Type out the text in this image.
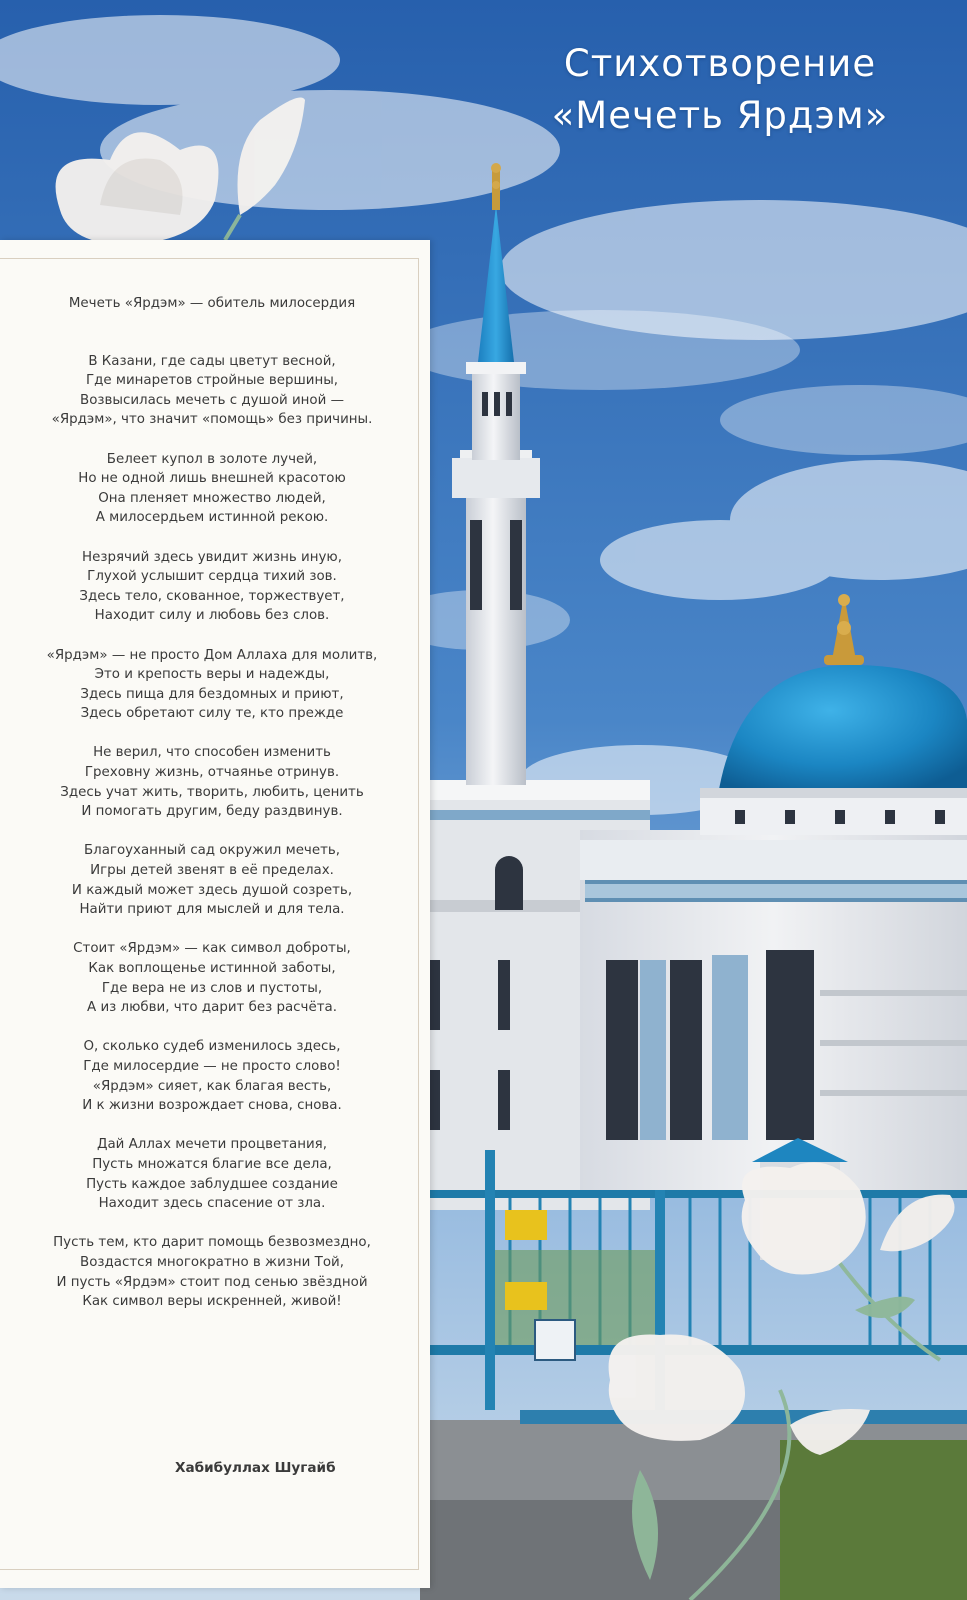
Стихотворение
«Мечеть Ярдэм»
Мечеть «Ярдэм» — обитель милосердия
В Казани, где сады цветут весной,
Где минаретов стройные вершины,
Возвысилась мечеть с душой иной —
«Ярдэм», что значит «помощь» без причины.
Белеет купол в золоте лучей,
Но не одной лишь внешней красотою
Она пленяет множество людей,
А милосердьем истинной рекою.
Незрячий здесь увидит жизнь иную,
Глухой услышит сердца тихий зов.
Здесь тело, скованное, торжествует,
Находит силу и любовь без слов.
«Ярдэм» — не просто Дом Аллаха для молитв,
Это и крепость веры и надежды,
Здесь пища для бездомных и приют,
Здесь обретают силу те, кто прежде
Не верил, что способен изменить
Греховну жизнь, отчаянье отринув.
Здесь учат жить, творить, любить, ценить
И помогать другим, беду раздвинув.
Благоуханный сад окружил мечеть,
Игры детей звенят в её пределах.
И каждый может здесь душой созреть,
Найти приют для мыслей и для тела.
Стоит «Ярдэм» — как символ доброты,
Как воплощенье истинной заботы,
Где вера не из слов и пустоты,
А из любви, что дарит без расчёта.
О, сколько судеб изменилось здесь,
Где милосердие — не просто слово!
«Ярдэм» сияет, как благая весть,
И к жизни возрождает снова, снова.
Дай Аллах мечети процветания,
Пусть множатся благие все дела,
Пусть каждое заблудшее создание
Находит здесь спасение от зла.
Пусть тем, кто дарит помощь безвозмездно,
Воздастся многократно в жизни Той,
И пусть «Ярдэм» стоит под сенью звёздной
Как символ веры искренней, живой!
Хабибуллах Шугайб
